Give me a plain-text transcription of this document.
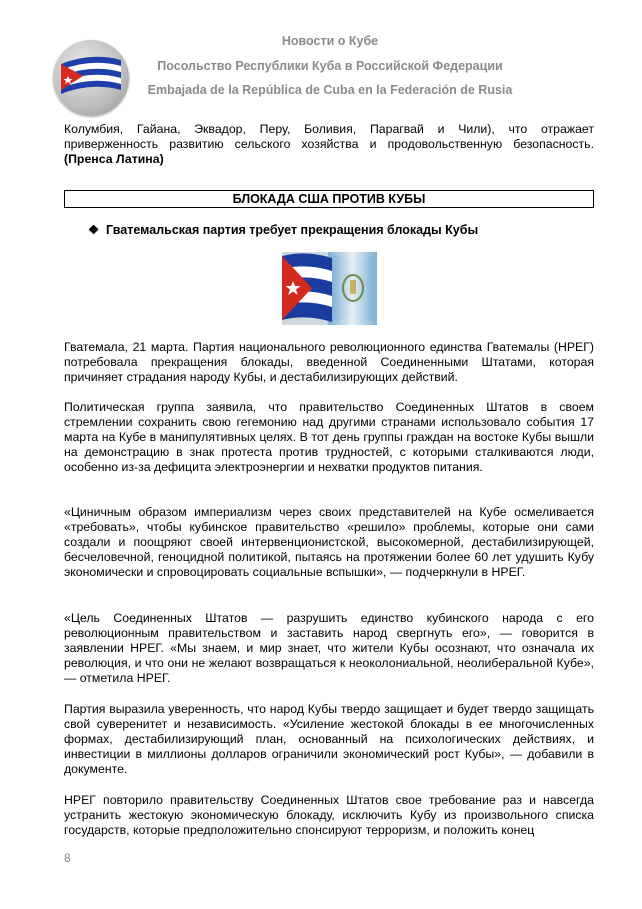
Новости о Кубе
Посольство Республики Куба в Российской Федерации
Embajada de la República de Cuba en la Federación de Rusia
Колумбия, Гайана, Эквадор, Перу, Боливия, Парагвай и Чили), что отражает приверженность развитию сельского хозяйства и продовольственную безопасность. (Пренса Латина)
БЛОКАДА США ПРОТИВ КУБЫ
❖ Гватемальская партия требует прекращения блокады Кубы
Гватемала, 21 марта. Партия национального революционного единства Гватемалы (НРЕГ) потребовала прекращения блокады, введенной Соединенными Штатами, которая причиняет страдания народу Кубы, и дестабилизирующих действий.
Политическая группа заявила, что правительство Соединенных Штатов в своем стремлении сохранить свою гегемонию над другими странами использовало события 17 марта на Кубе в манипулятивных целях. В тот день группы граждан на востоке Кубы вышли на демонстрацию в знак протеста против трудностей, с которыми сталкиваются люди, особенно из-за дефицита электроэнергии и нехватки продуктов питания.
«Циничным образом империализм через своих представителей на Кубе осмеливается «требовать», чтобы кубинское правительство «решило» проблемы, которые они сами создали и поощряют своей интервенционистской, высокомерной, дестабилизирующей, бесчеловечной, геноцидной политикой, пытаясь на протяжении более 60 лет удушить Кубу экономически и спровоцировать социальные вспышки», — подчеркнули в НРЕГ.
«Цель Соединенных Штатов — разрушить единство кубинского народа с его революционным правительством и заставить народ свергнуть его», — говорится в заявлении НРЕГ. «Мы знаем, и мир знает, что жители Кубы осознают, что означала их революция, и что они не желают возвращаться к неоколониальной, неолиберальной Кубе», — отметила НРЕГ.
Партия выразила уверенность, что народ Кубы твердо защищает и будет твердо защищать свой суверенитет и независимость. «Усиление жестокой блокады в ее многочисленных формах, дестабилизирующий план, основанный на психологических действиях, и инвестиции в миллионы долларов ограничили экономический рост Кубы», — добавили в документе.
НРЕГ повторило правительству Соединенных Штатов свое требование раз и навсегда устранить жестокую экономическую блокаду, исключить Кубу из произвольного списка государств, которые предположительно спонсируют терроризм, и положить конец
8
